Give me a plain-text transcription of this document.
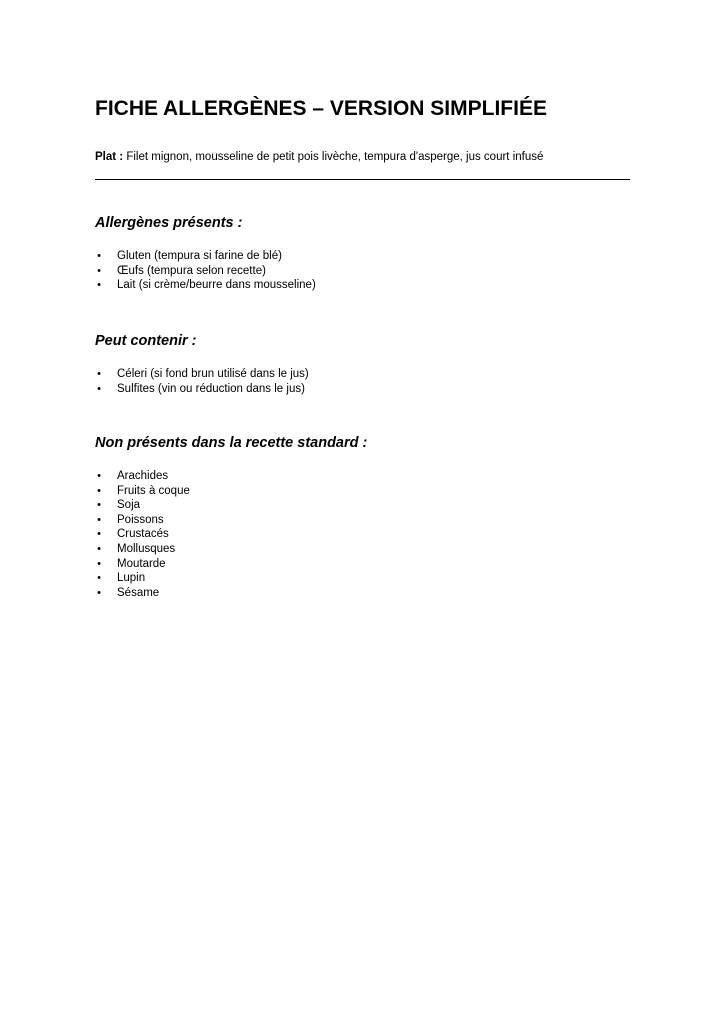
FICHE ALLERGÈNES – VERSION SIMPLIFIÉE
Plat : Filet mignon, mousseline de petit pois livèche, tempura d'asperge, jus court infusé
Allergènes présents :
• Gluten (tempura si farine de blé)
• Œufs (tempura selon recette)
• Lait (si crème/beurre dans mousseline)
Peut contenir :
• Céleri (si fond brun utilisé dans le jus)
• Sulfites (vin ou réduction dans le jus)
Non présents dans la recette standard :
• Arachides
• Fruits à coque
• Soja
• Poissons
• Crustacés
• Mollusques
• Moutarde
• Lupin
• Sésame
